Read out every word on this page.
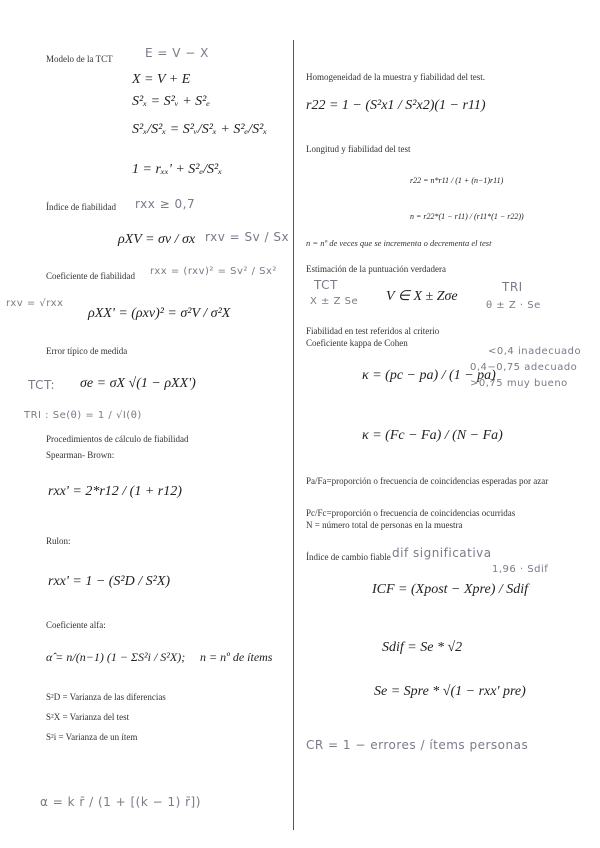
Modelo de la TCT	E = V − X
X = V + E
S²ₓ = S²ᵥ + S²ₑ
S²ₓ/S²ₓ = S²ᵥ/S²ₓ + S²ₑ/S²ₓ
1 = rₓₓ' + S²ₑ/S²ₓ
Índice de fiabilidad rxx ≥ 0,7
ρXV = σv / σx rxv = Sv / Sx
Coeficiente de fiabilidad rxx = (rxv)² = Sv² / Sx²
rxv = √rxx
ρXX' = (ρxv)² = σ²V / σ²X
Error típico de medida
TCT: σe = σX √(1 − ρXX')
TRI : Se(θ) = 1 / √I(θ)
Procedimientos de cálculo de fiabilidad
Spearman- Brown:
rxx' = 2*r12 / (1 + r12)
Rulon:
rxx' = 1 − (S²D / S²X)
Coeficiente alfa:
α̂ = n/(n−1) (1 − ΣS²i / S²X); n = nº de ítems
S²D = Varianza de las diferencias
S²X = Varianza del test
S²i = Varianza de un ítem
α = k r̄ / (1 + [(k − 1) r̄])
Homogeneidad de la muestra y fiabilidad del test.
r22 = 1 − (S²x1 / S²x2)(1 − r11)
Longitud y fiabilidad del test
r22 = n*r11 / (1 + (n−1)r11)
n = r22*(1 − r11) / (r11*(1 − r22))
n = nº de veces que se incrementa o decrementa el test
Estimación de la puntuación verdadera
TCT
X ± Z Se V ∈ X ± Zσe
TRI
θ ± Z · Se
Fiabilidad en test referidos al criterio
Coeficiente kappa de Cohen
<0,4 inadecuado
0,4−0,75 adecuado
>0,75 muy bueno
κ = (pc − pa) / (1 − pa)
κ = (Fc − Fa) / (N − Fa)
Pa/Fa=proporción o frecuencia de coincidencias esperadas por azar
Pc/Fc=proporción o frecuencia de coincidencias ocurridas
N = número total de personas en la muestra
Índice de cambio fiable dif significativa
1,96 · Sdif
ICF = (Xpost − Xpre) / Sdif
Sdif = Se * √2
Se = Spre * √(1 − rxx' pre)
CR = 1 − errores / ítems personas
